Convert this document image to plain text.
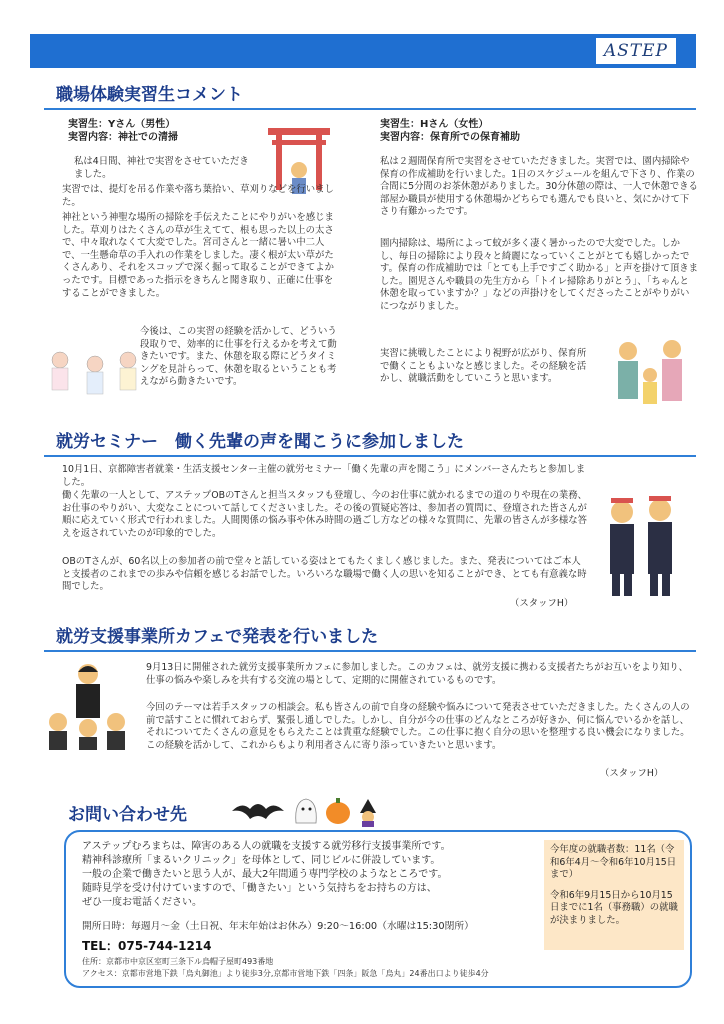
ASTEP
職場体験実習生コメント
実習生：Yさん（男性）
実習内容：神社での清掃
私は4日間、神社で実習をさせていただきました。
実習では、提灯を吊る作業や落ち葉拾い、草刈りなどを行いました。
神社という神聖な場所の掃除を手伝えたことにやりがいを感じました。草刈りはたくさんの草が生えてて、根も思った以上の太さで、中々取れなくて大変でした。宮司さんと一緒に暑い中二人で、一生懸命草の手入れの作業をしました。凄く根が太い草がたくさんあり、それをスコップで深く掘って取ることができてよかったです。目標であった指示をきちんと聞き取り、正確に仕事をすることができました。
今後は、この実習の経験を活かして、どういう段取りで、効率的に仕事を行えるかを考えて動きたいです。また、休憩を取る際にどうタイミングを見計らって、休憩を取るということも考えながら動きたいです。
実習生：Hさん（女性）
実習内容：保育所での保育補助
私は２週間保育所で実習をさせていただきました。実習では、園内掃除や保育の作成補助を行いました。1日のスケジュールを組んで下さり、作業の合間に5分間のお茶休憩がありました。30分休憩の際は、一人で休憩できる部屋か職員が使用する休憩場かどちらでも選んでも良いと、気にかけて下さり有難かったです。
園内掃除は、場所によって蚊が多く凄く暑かったので大変でした。しかし、毎日の掃除により段々と綺麗になっていくことがとても嬉しかったです。保育の作成補助では「とても上手ですごく助かる」と声を掛けて頂きました。園児さんや職員の先生方から「トイレ掃除ありがとう」、「ちゃんと休憩を取っていますか？」などの声掛けをしてくださったことがやりがいにつながりました。
実習に挑戦したことにより視野が広がり、保育所で働くこともよいなと感じました。その経験を活かし、就職活動をしていこうと思います。
就労セミナー　働く先輩の声を聞こうに参加しました
10月1日、京都障害者就業・生活支援センター主催の就労セミナー「働く先輩の声を聞こう」にメンバーさんたちと参加しました。
働く先輩の一人として、アステップOBのTさんと担当スタッフも登壇し、今のお仕事に就かれるまでの道のりや現在の業務、お仕事のやりがい、大変なことについて話してくださいました。その後の質疑応答は、参加者の質問に、登壇された皆さんが順に応えていく形式で行われました。人間関係の悩み事や休み時間の過ごし方などの様々な質問に、先輩の皆さんが多様な答えを返されていたのが印象的でした。
OBのTさんが、60名以上の参加者の前で堂々と話している姿はとてもたくましく感じました。また、発表についてはご本人と支援者のこれまでの歩みや信頼を感じるお話でした。いろいろな職場で働く人の思いを知ることができ、とても有意義な時間でした。
（スタッフH）
就労支援事業所カフェで発表を行いました
9月13日に開催された就労支援事業所カフェに参加しました。このカフェは、就労支援に携わる支援者たちがお互いをより知り、仕事の悩みや楽しみを共有する交流の場として、定期的に開催されているものです。
今回のテーマは若手スタッフの相談会。私も皆さんの前で自身の経験や悩みについて発表させていただきました。たくさんの人の前で話すことに慣れておらず、緊張し通しでした。しかし、自分が今の仕事のどんなところが好きか、何に悩んでいるかを話し、それについてたくさんの意見をもらえたことは貴重な経験でした。この仕事に抱く自分の思いを整理する良い機会になりました。この経験を活かして、これからもより利用者さんに寄り添っていきたいと思います。
（スタッフH）
お問い合わせ先
アステップむろまちは、障害のある人の就職を支援する就労移行支援事業所です。
精神科診療所「まるいクリニック」を母体として、同じビルに併設しています。
一般の企業で働きたいと思う人が、最大2年間通う専門学校のようなところです。
随時見学を受け付けていますので、「働きたい」という気持ちをお持ちの方は、
ぜひ一度お電話ください。
開所日時：毎週月～金（土日祝、年末年始はお休み）9:20～16:00（水曜は15:30閉所）
TEL：075-744-1214
住所：京都市中京区室町三条下ル烏帽子屋町493番地
アクセス：京都市営地下鉄「烏丸御池」より徒歩3分,京都市営地下鉄「四条」阪急「烏丸」24番出口より徒歩4分
今年度の就職者数：11名（令和6年4月～令和6年10月15日まで）
令和6年9月15日から10月15日までに1名（事務職）の就職が決まりました。
